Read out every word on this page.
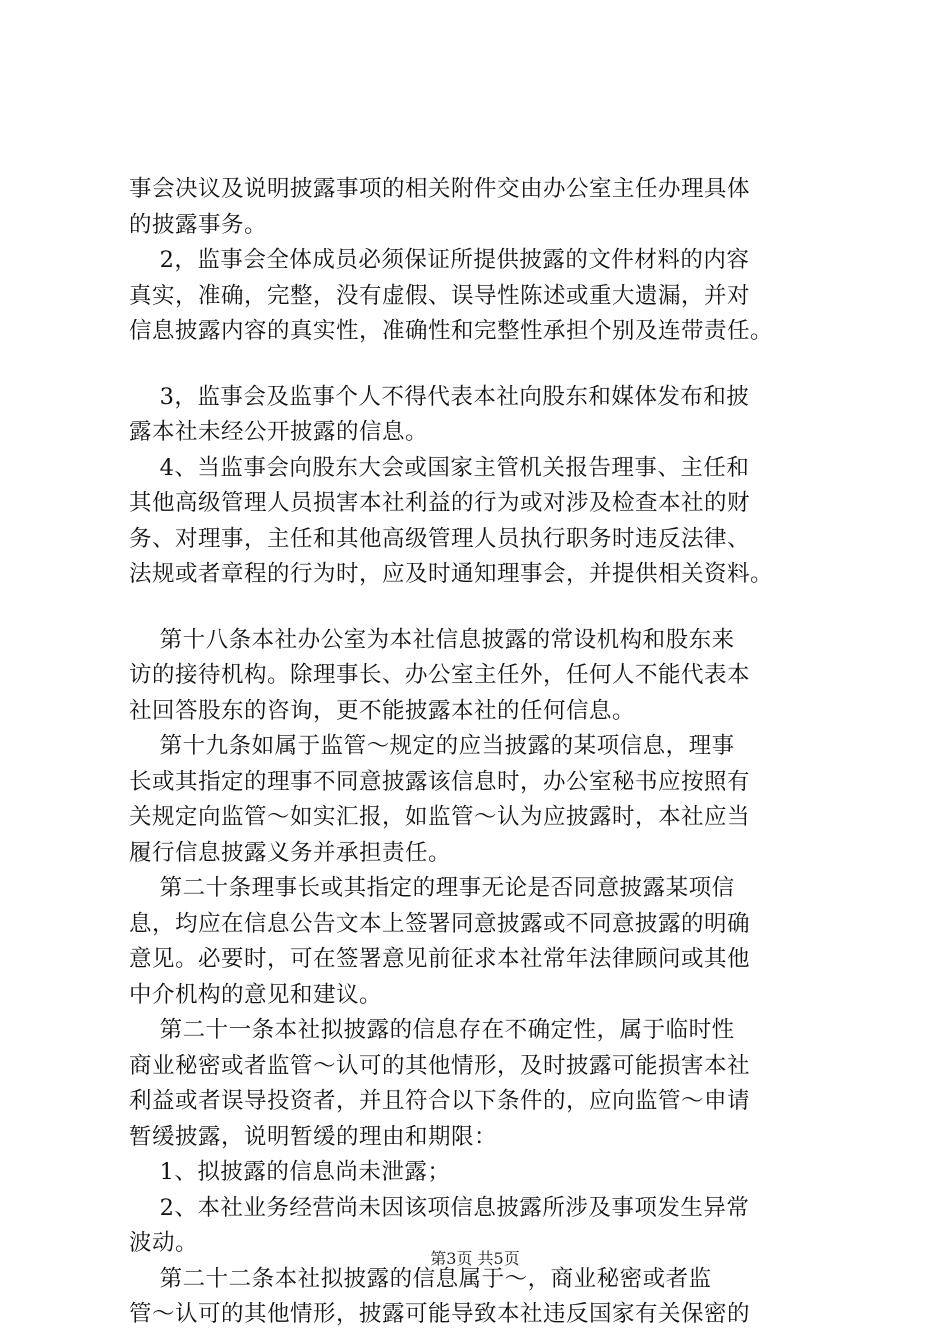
事会决议及说明披露事项的相关附件交由办公室主任办理具体
的披露事务。
2，监事会全体成员必须保证所提供披露的文件材料的内容
真实，准确，完整，没有虚假、误导性陈述或重大遗漏，并对
信息披露内容的真实性，准确性和完整性承担个别及连带责任。
3，监事会及监事个人不得代表本社向股东和媒体发布和披
露本社未经公开披露的信息。
4、当监事会向股东大会或国家主管机关报告理事、主任和
其他高级管理人员损害本社利益的行为或对涉及检查本社的财
务、对理事，主任和其他高级管理人员执行职务时违反法律、
法规或者章程的行为时，应及时通知理事会，并提供相关资料。
第十八条本社办公室为本社信息披露的常设机构和股东来
访的接待机构。除理事长、办公室主任外，任何人不能代表本
社回答股东的咨询，更不能披露本社的任何信息。
第十九条如属于监管～规定的应当披露的某项信息，理事
长或其指定的理事不同意披露该信息时，办公室秘书应按照有
关规定向监管～如实汇报，如监管～认为应披露时，本社应当
履行信息披露义务并承担责任。
第二十条理事长或其指定的理事无论是否同意披露某项信
息，均应在信息公告文本上签署同意披露或不同意披露的明确
意见。必要时，可在签署意见前征求本社常年法律顾问或其他
中介机构的意见和建议。
第二十一条本社拟披露的信息存在不确定性，属于临时性
商业秘密或者监管～认可的其他情形，及时披露可能损害本社
利益或者误导投资者，并且符合以下条件的，应向监管～申请
暂缓披露，说明暂缓的理由和期限：
1、拟披露的信息尚未泄露；
2、本社业务经营尚未因该项信息披露所涉及事项发生异常
波动。
第二十二条本社拟披露的信息属于～，商业秘密或者监
管～认可的其他情形，披露可能导致本社违反国家有关保密的
第3页 共5页
